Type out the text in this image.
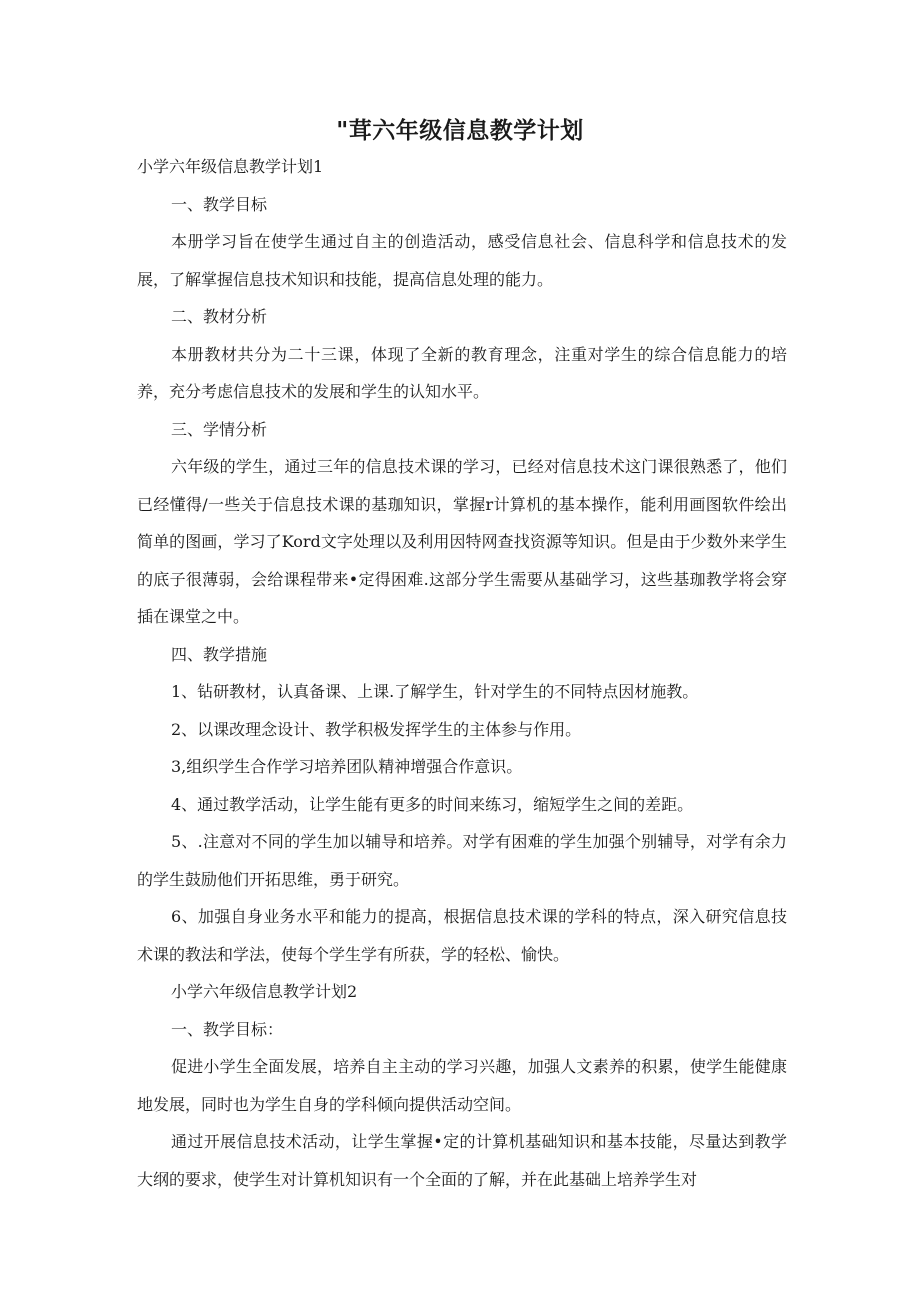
"茸六年级信息教学计划

小学六年级信息教学计划1

一、教学目标

本册学习旨在使学生通过自主的创造活动，感受信息社会、信息科学和信息技术的发展，了解掌握信息技术知识和技能，提高信息处理的能力。

二、教材分析

本册教材共分为二十三课，体现了全新的教育理念，注重对学生的综合信息能力的培养，充分考虑信息技术的发展和学生的认知水平。

三、学情分析

六年级的学生，通过三年的信息技术课的学习，已经对信息技术这门课很熟悉了，他们已经懂得/一些关于信息技术课的基珈知识，掌握r计算机的基本操作，能利用画图软件绘出简单的图画，学习了Kord文字处理以及利用因特网查找资源等知识。但是由于少数外来学生的底子很薄弱，会给课程带来•定得困难.这部分学生需要从基础学习，这些基珈教学将会穿插在课堂之中。

四、教学措施

1、钻研教材，认真备课、上课.了解学生，针对学生的不同特点因材施教。

2、以课改理念设计、教学积极发挥学生的主体参与作用。

3,组织学生合作学习培养团队精神增强合作意识。

4、通过教学活动，让学生能有更多的时间来练习，缩短学生之间的差距。

5、.注意对不同的学生加以辅导和培养。对学有困难的学生加强个别辅导，对学有余力的学生鼓励他们开拓思维，勇于研究。

6、加强自身业务水平和能力的提高，根据信息技术课的学科的特点，深入研究信息技术课的教法和学法，使每个学生学有所获，学的轻松、愉快。

小学六年级信息教学计划2

一、教学目标：

促进小学生全面发展，培养自主主动的学习兴趣，加强人文素养的积累，使学生能健康地发展，同时也为学生自身的学科倾向提供活动空间。

通过开展信息技术活动，让学生掌握•定的计算机基础知识和基本技能，尽量达到教学大纲的要求，使学生对计算机知识有一个全面的了解，并在此基础上培养学生对
